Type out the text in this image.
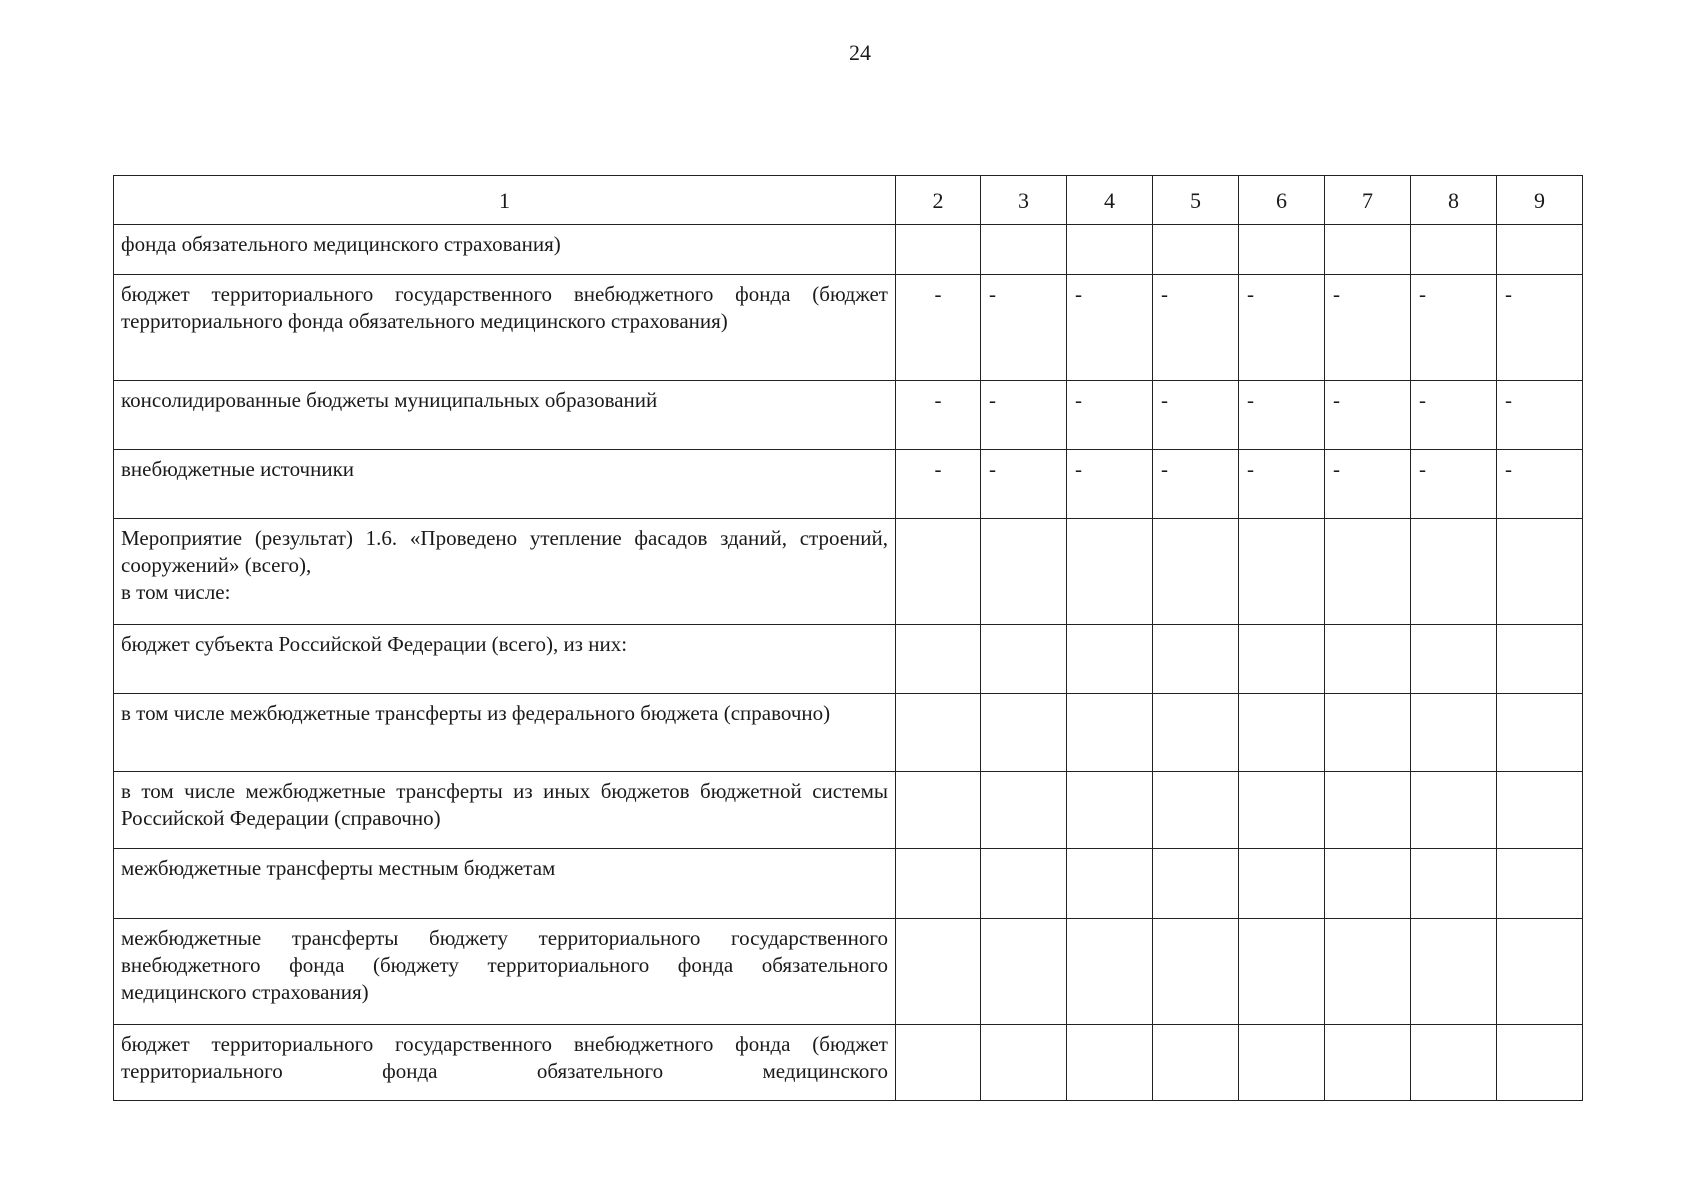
24
1	2	3	4	5	6	7	8	9
фонда обязательного медицинского страхования)								
бюджет территориального государственного внебюджетного фонда (бюджет территориального фонда обязательного медицинского страхования)	-	-	-	-	-	-	-	-
консолидированные бюджеты муниципальных образований	-	-	-	-	-	-	-	-
внебюджетные источники	-	-	-	-	-	-	-	-
Мероприятие (результат) 1.6. «Проведено утепление фасадов зданий, строений, сооружений» (всего),
в том числе:								
бюджет субъекта Российской Федерации (всего), из них:								
в том числе межбюджетные трансферты из федерального бюджета (справочно)								
в том числе межбюджетные трансферты из иных бюджетов бюджетной системы Российской Федерации (справочно)								
межбюджетные трансферты местным бюджетам								
межбюджетные трансферты бюджету территориального государственного внебюджетного фонда (бюджету территориального фонда обязательного медицинского страхования)								
бюджет территориального государственного внебюджетного фонда (бюджет территориального фонда обязательного медицинского								
